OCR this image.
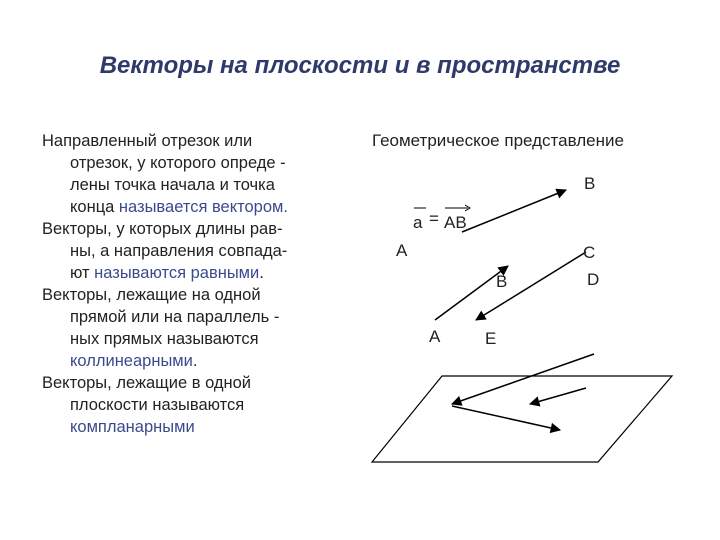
Векторы на плоскости и в пространстве

Направленный отрезок или
отрезок, у которого опреде -
лены точка начала и точка
конца называется вектором.

Векторы, у которых длины рав-
ны, а направления совпада-
ют называются равными.

Векторы, лежащие на одной
прямой или на параллель -
ных прямых называются
коллинеарными.

Векторы, лежащие в одной
плоскости называются
компланарными

Геометрическое представление
B
a = AB
A	C
D
B
A	E
